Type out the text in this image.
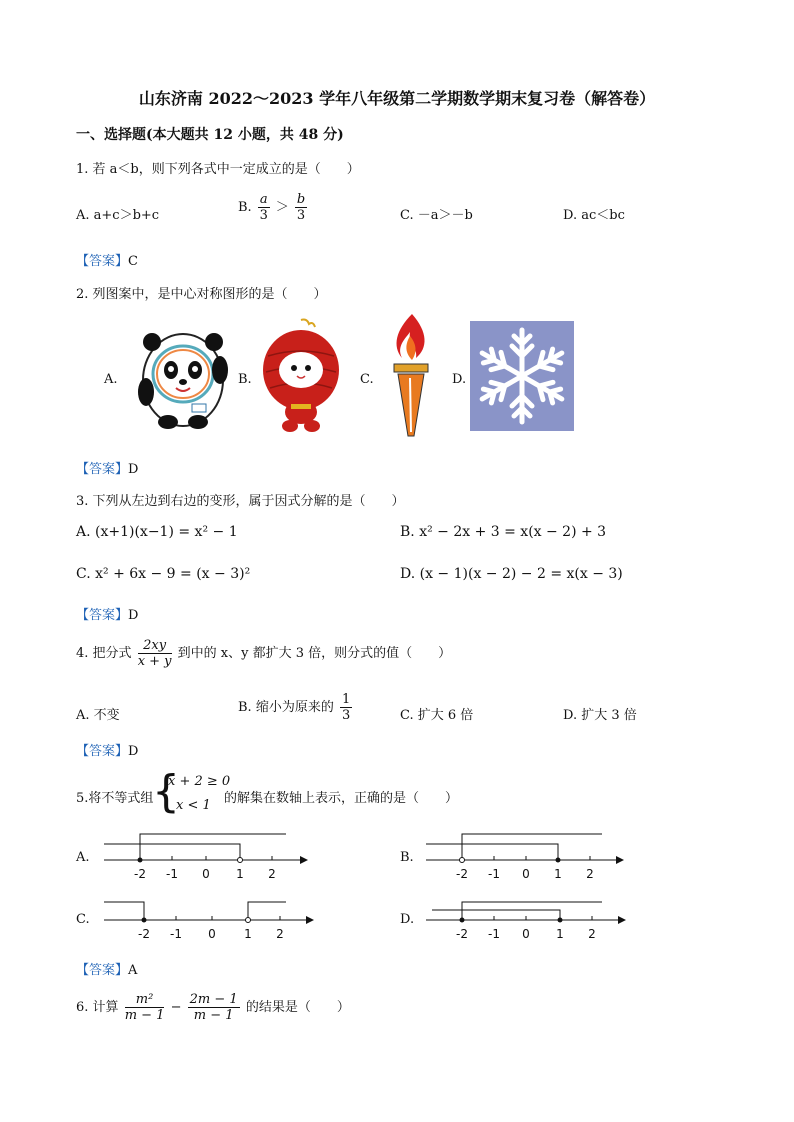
山东济南 2022～2023 学年八年级第二学期数学期末复习卷（解答卷）
一、选择题(本大题共 12 小题，共 48 分)
1. 若 a＜b，则下列各式中一定成立的是（　　）
A. a+c＞b+c
B. $\frac{a}{3} > \frac{b}{3}$	C. －a＞－b	D. ac＜bc
【答案】C
2. 列图案中，是中心对称图形的是（　　）
A.	B.	C.	D.
【答案】D
3. 下列从左边到右边的变形，属于因式分解的是（　　）
A. (x+1)(x−1) = x² − 1	B. x² − 2x + 3 = x(x − 2) + 3
C. x² + 6x − 9 = (x − 3)²	D. (x − 1)(x − 2) − 2 = x(x − 3)
【答案】D
4. 把分式 $\frac{2xy}{x + y}$ 到中的 x、y 都扩大 3 倍，则分式的值（　　）
A. 不变
B. 缩小为原来的 $\frac{1}{3}$	C. 扩大 6 倍	D. 扩大 3 倍
【答案】D
5.将不等式组
{
x + 2 ≥ 0
x < 1 的解集在数轴上表示，正确的是（　　）
A.
-2 -1 0 1 2
B.
-2 -1 0 1 2
C.
-2 -1 0 1 2
D.
-2 -1 0 1 2
【答案】A
6. 计算 $\frac{\text{m²}}{m - 1} - \frac{2m - 1}{m - 1}$ 的结果是（　　）
